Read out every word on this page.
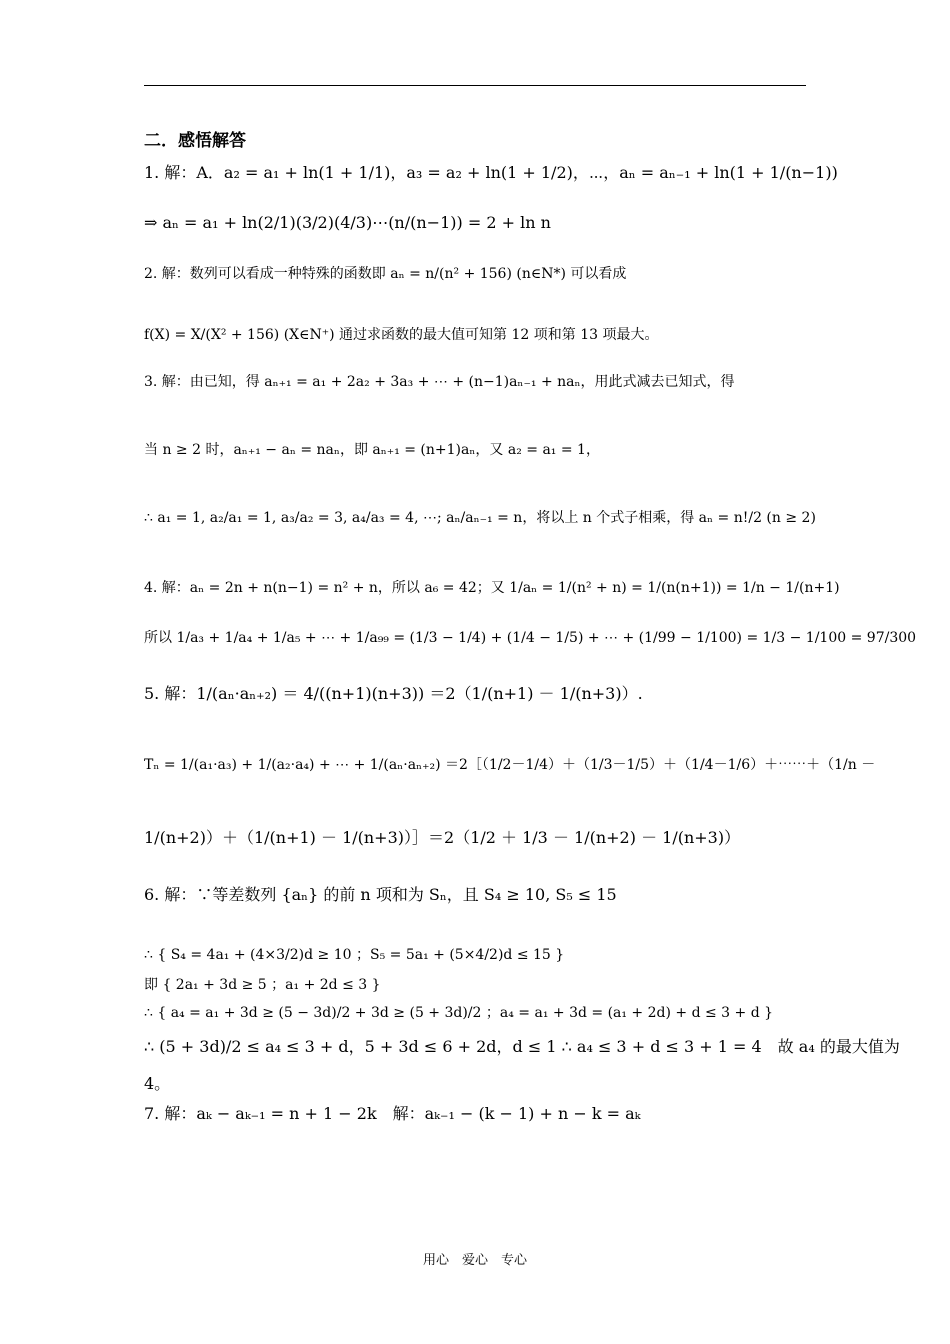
二．感悟解答
1. 解：A．a₂ = a₁ + ln(1 + 1/1)，a₃ = a₂ + ln(1 + 1/2)，⋯，aₙ = aₙ₋₁ + ln(1 + 1/(n−1))
⇒ aₙ = a₁ + ln(2/1)(3/2)(4/3)⋯(n/(n−1)) = 2 + ln n
2. 解：数列可以看成一种特殊的函数即 aₙ = n/(n² + 156) (n∈N*) 可以看成
f(X) = X/(X² + 156) (X∈N⁺) 通过求函数的最大值可知第 12 项和第 13 项最大。
3. 解：由已知，得 aₙ₊₁ = a₁ + 2a₂ + 3a₃ + ⋯ + (n−1)aₙ₋₁ + naₙ，用此式减去已知式，得
当 n ≥ 2 时，aₙ₊₁ − aₙ = naₙ，即 aₙ₊₁ = (n+1)aₙ，又 a₂ = a₁ = 1，
∴ a₁ = 1, a₂/a₁ = 1, a₃/a₂ = 3, a₄/a₃ = 4, ⋯; aₙ/aₙ₋₁ = n，将以上 n 个式子相乘，得 aₙ = n!/2 (n ≥ 2)
4. 解：aₙ = 2n + n(n−1) = n² + n，所以 a₆ = 42；又 1/aₙ = 1/(n² + n) = 1/(n(n+1)) = 1/n − 1/(n+1)
所以 1/a₃ + 1/a₄ + 1/a₅ + ⋯ + 1/a₉₉ = (1/3 − 1/4) + (1/4 − 1/5) + ⋯ + (1/99 − 1/100) = 1/3 − 1/100 = 97/300
5. 解：1/(aₙ·aₙ₊₂) ＝ 4/((n+1)(n+3)) ＝2（1/(n+1) － 1/(n+3)）.
Tₙ = 1/(a₁·a₃) + 1/(a₂·a₄) + ⋯ + 1/(aₙ·aₙ₊₂) ＝2［（1/2－1/4）＋（1/3－1/5）＋（1/4－1/6）＋⋯⋯＋（1/n －
1/(n+2)）＋（1/(n+1) － 1/(n+3)）］＝2（1/2 ＋ 1/3 － 1/(n+2) － 1/(n+3)）
6. 解：∵等差数列 {aₙ} 的前 n 项和为 Sₙ，且 S₄ ≥ 10, S₅ ≤ 15
∴ { S₄ = 4a₁ + (4×3/2)d ≥ 10 ；S₅ = 5a₁ + (5×4/2)d ≤ 15 }
即 { 2a₁ + 3d ≥ 5 ；a₁ + 2d ≤ 3 }
∴ { a₄ = a₁ + 3d ≥ (5 − 3d)/2 + 3d ≥ (5 + 3d)/2 ；a₄ = a₁ + 3d = (a₁ + 2d) + d ≤ 3 + d }
∴ (5 + 3d)/2 ≤ a₄ ≤ 3 + d，5 + 3d ≤ 6 + 2d，d ≤ 1 ∴ a₄ ≤ 3 + d ≤ 3 + 1 = 4　故 a₄ 的最大值为
4。
7. 解：aₖ − aₖ₋₁ = n + 1 − 2k　解：aₖ₋₁ − (k − 1) + n − k = aₖ
用心　爱心　专心
